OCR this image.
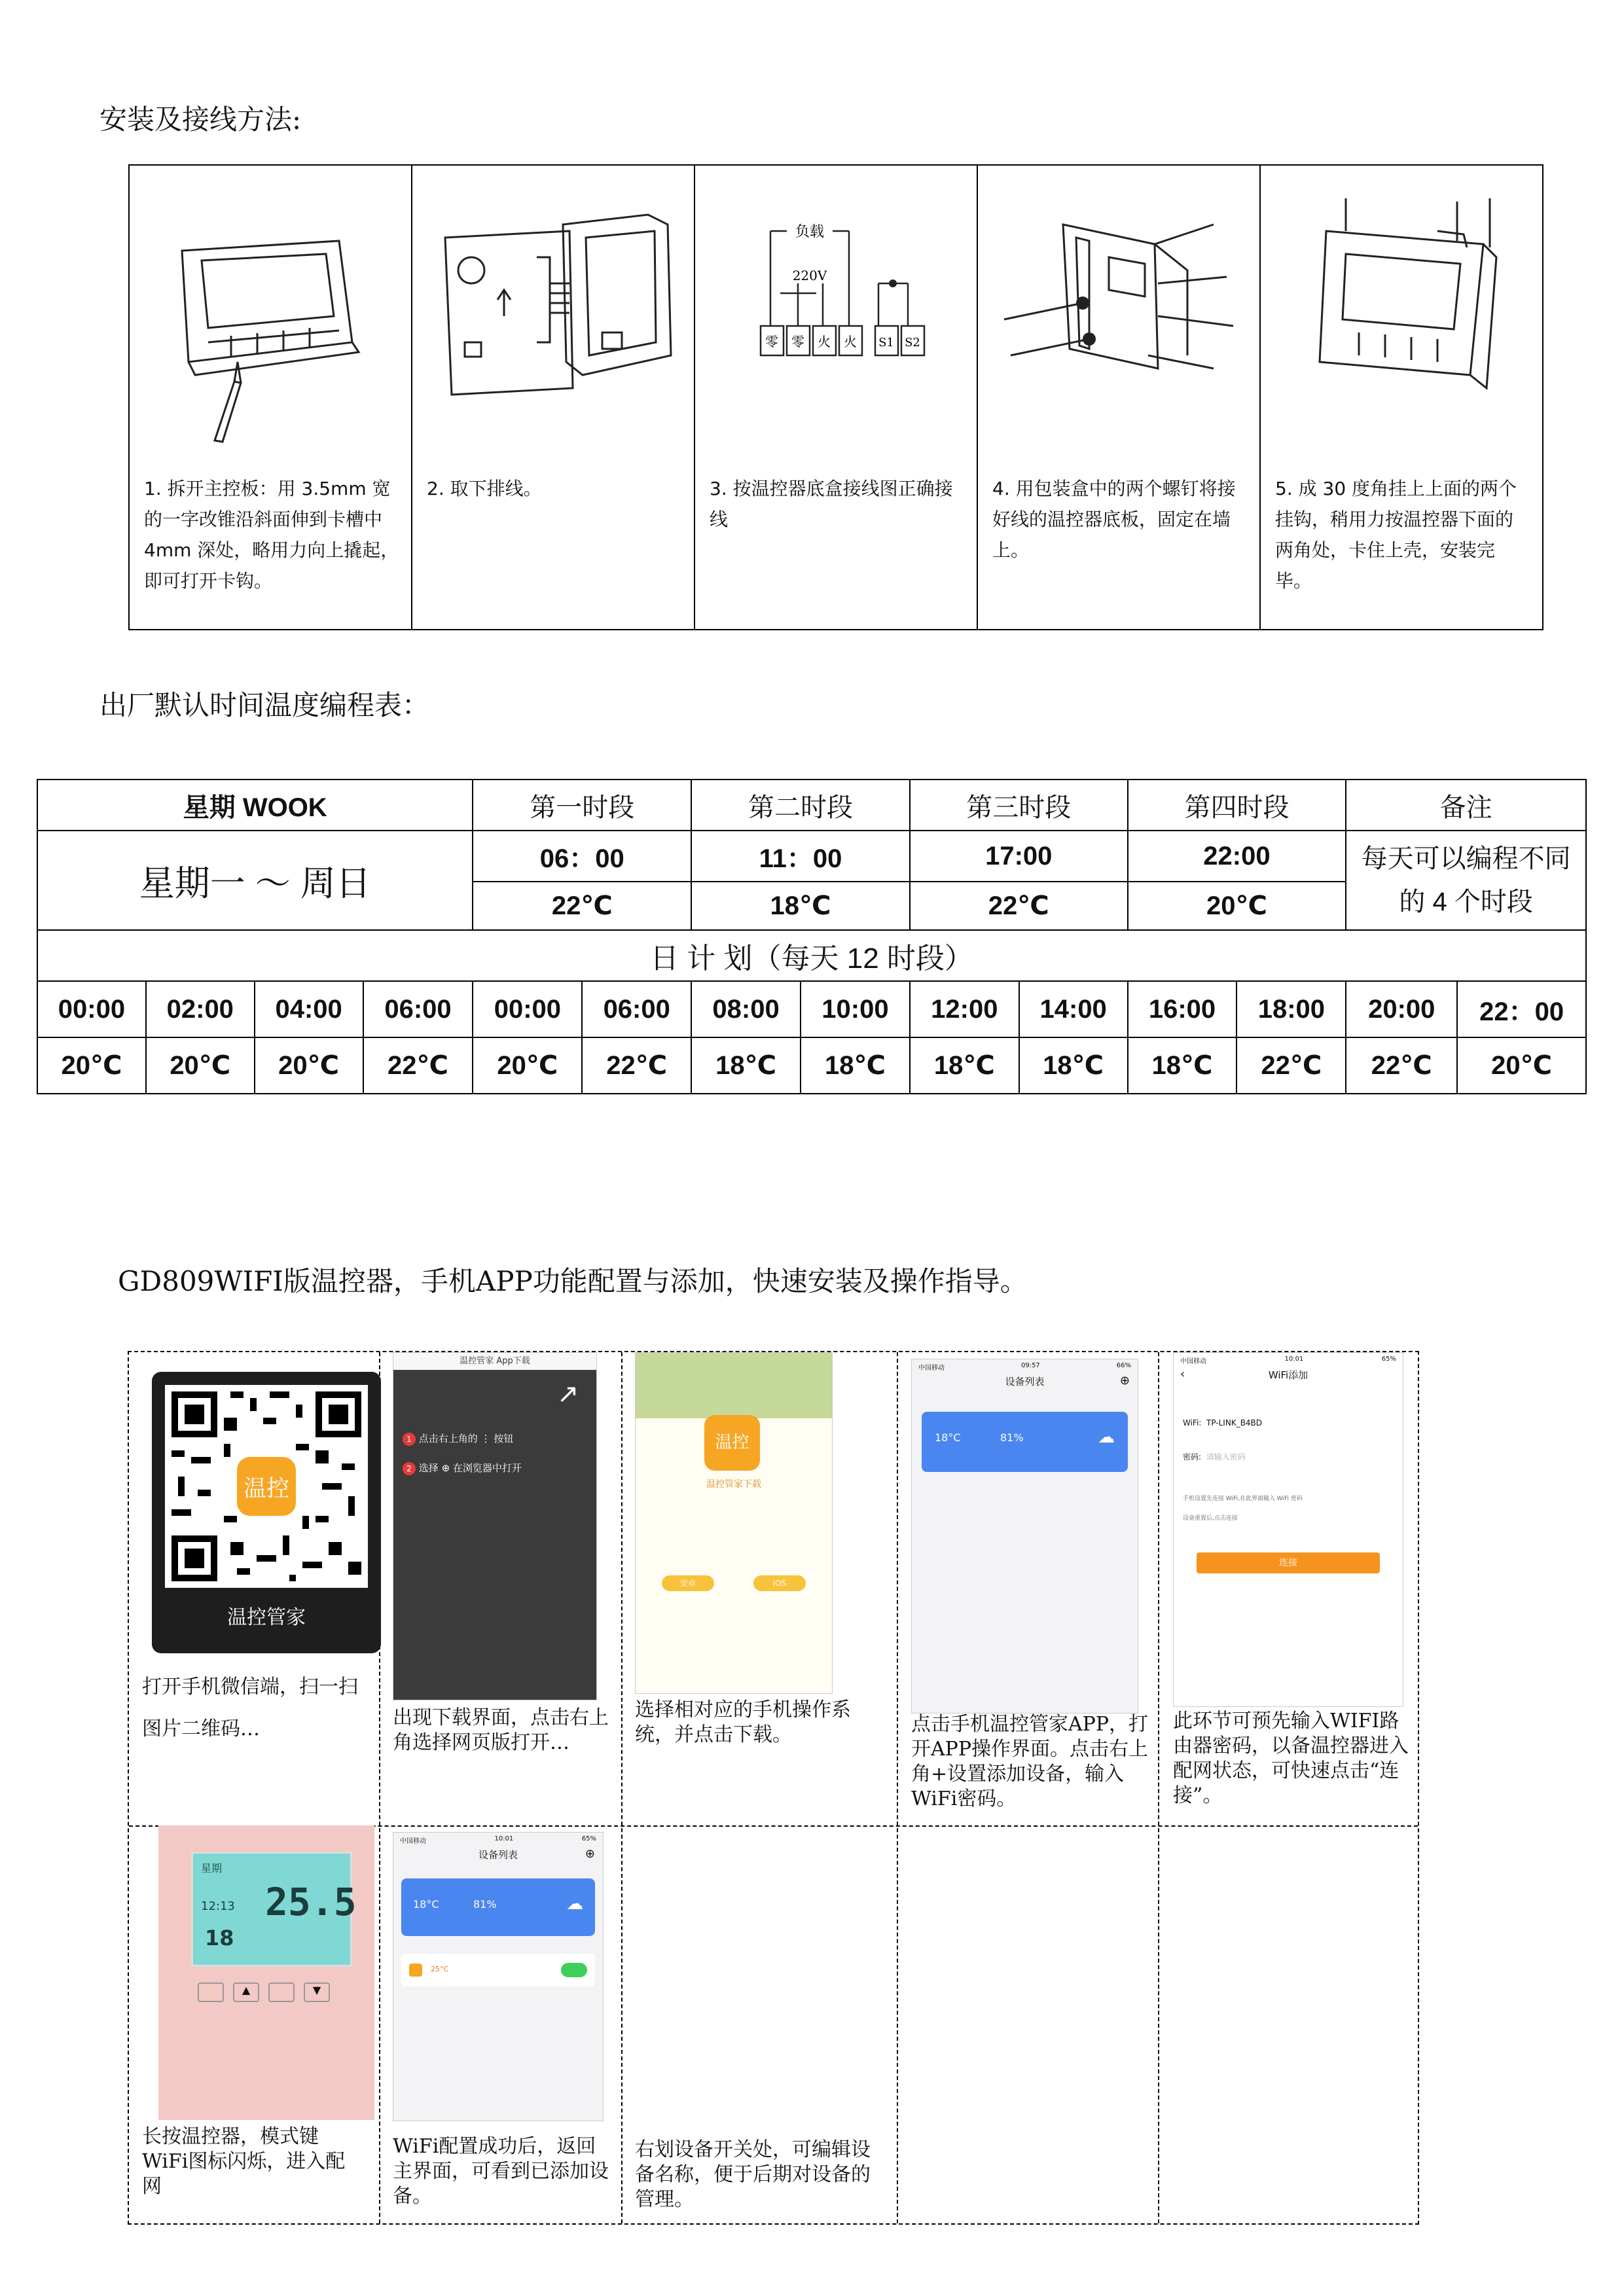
安装及接线方法:
1. 拆开主控板：用 3.5mm 宽的一字改锥沿斜面伸到卡槽中 4mm 深处，略用力向上撬起，即可打开卡钩。
2. 取下排线。
负载
220V
零 零 火 火 S1 S2
3. 按温控器底盒接线图正确接线
4. 用包装盒中的两个螺钉将接好线的温控器底板，固定在墙上。
5. 成 30 度角挂上上面的两个挂钩，稍用力按温控器下面的两角处，卡住上壳，安装完毕。
出厂默认时间温度编程表：
星期 WOOK				第一时段		第二时段		第三时段		第四时段		备注	
星期一 ～ 周日				06：00		11：00		17:00		22:00		每天可以编程不同的 4 个时段	
				22℃		18℃		22℃		20℃			
日 计 划（每天 12 时段）													
00:00	02:00	04:00	06:00	00:00	06:00	08:00	10:00	12:00	14:00	16:00	18:00	20:00	22：00
20℃	20℃	20℃	22℃	20℃	22℃	18℃	18℃	18℃	18℃	18℃	22℃	22℃	20℃
GD809WIFI版温控器，手机APP功能配置与添加，快速安装及操作指导。
温控
温控管家
打开手机微信端，扫一扫图片二维码…
温控管家 App下载
1 点击右上角的 ⋮ 按钮
2 选择 ⊕ 在浏览器中打开
↗
出现下载界面，点击右上角选择网页版打开…
温控
温控管家下载
安卓	iOS
选择相对应的手机操作系统，并点击下载。
中国移动	09:57	66%
设备列表	⊕
18°C	81%	☁
点击手机温控管家APP，打开APP操作界面。点击右上角+设置添加设备，输入WiFi密码。
中国移动	10:01	65%
‹	WiFi添加
WiFi: TP-LINK_B4BD
密码: 请输入密码
手机设置先连接 WiFi,在此界面输入 WiFi 密码
设备重置后,点击连接
连接
此环节可预先输入WIFI路由器密码，以备温控器进入配网状态，可快速点击“连接”。
25.5
星期
12:13
18
▲	▼
长按温控器，模式键WiFi图标闪烁，进入配网
中国移动	10:01	65%
设备列表	⊕
18°C	81%	☁
25°C
WiFi配置成功后，返回主界面，可看到已添加设备。
右划设备开关处，可编辑设备名称，便于后期对设备的管理。
